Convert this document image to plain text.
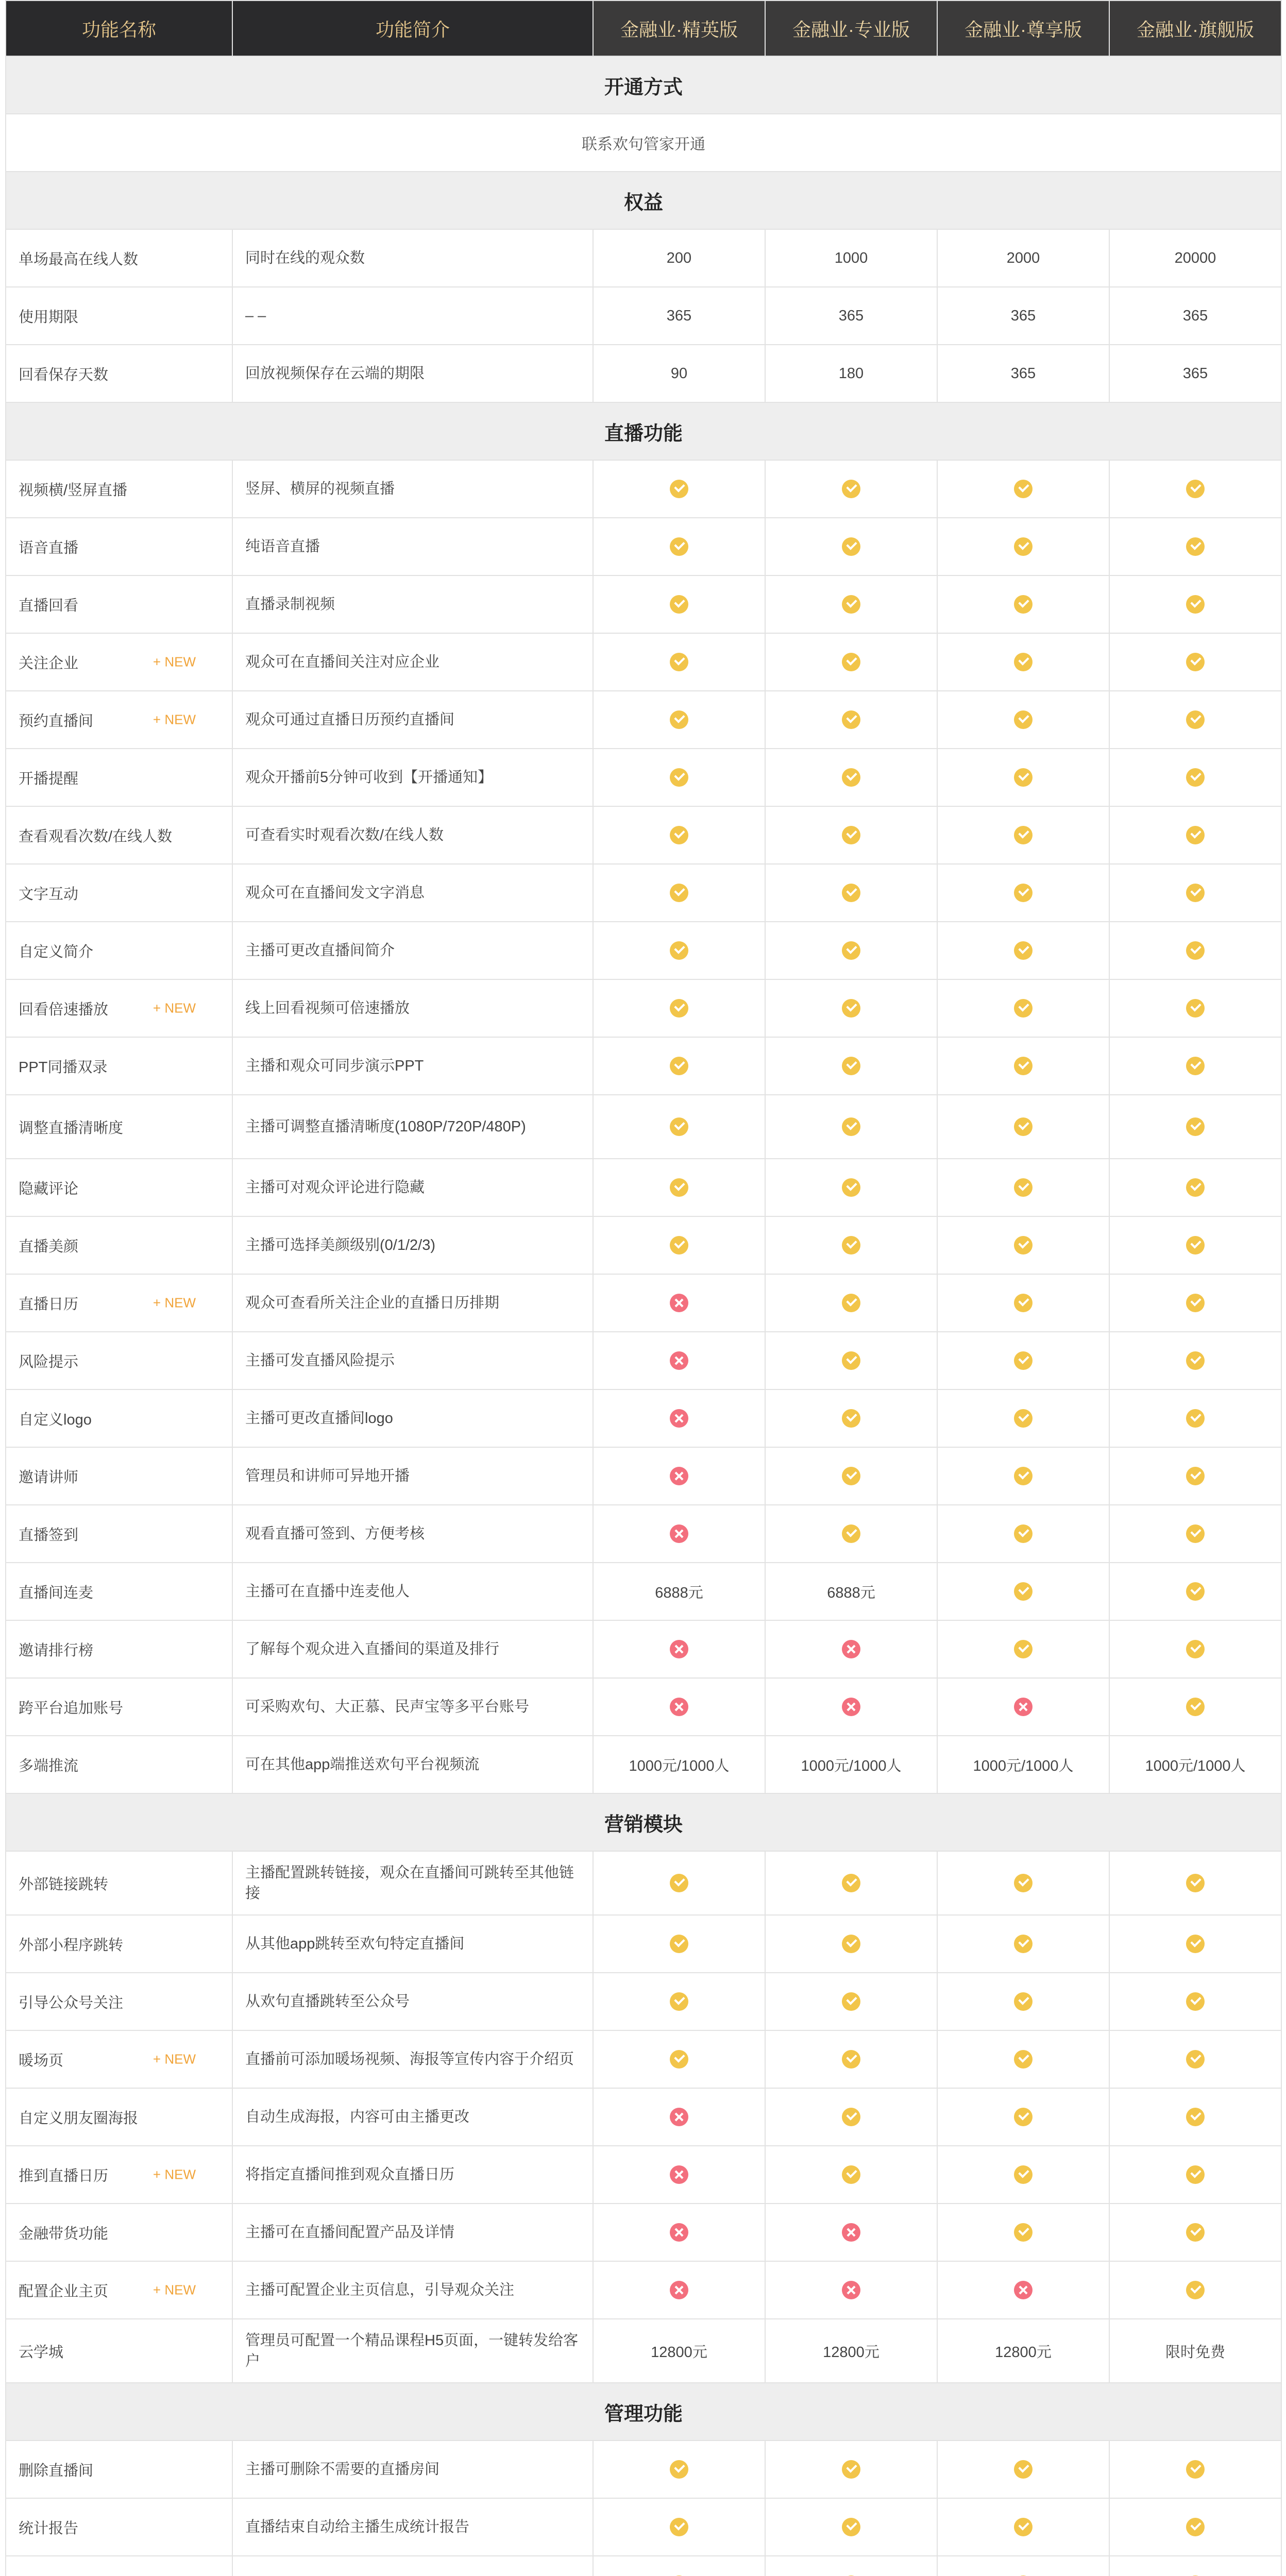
功能名称	功能简介	金融业·精英版	金融业·专业版	金融业·尊享版	金融业·旗舰版
开通方式					
联系欢句管家开通					
权益					
单场最高在线人数	同时在线的观众数	200	1000	2000	20000
使用期限	– –	365	365	365	365
回看保存天数	回放视频保存在云端的期限	90	180	365	365
直播功能					
视频横/竖屏直播	竖屏、横屏的视频直播				
语音直播	纯语音直播				
直播回看	直播录制视频				
关注企业 + NEW	观众可在直播间关注对应企业				
预约直播间 + NEW	观众可通过直播日历预约直播间				
开播提醒	观众开播前5分钟可收到【开播通知】				
查看观看次数/在线人数	可查看实时观看次数/在线人数				
文字互动	观众可在直播间发文字消息				
自定义简介	主播可更改直播间简介				
回看倍速播放 + NEW	线上回看视频可倍速播放				
PPT同播双录	主播和观众可同步演示PPT				
调整直播清晰度	主播可调整直播清晰度(1080P/720P/480P)				
隐藏评论	主播可对观众评论进行隐藏				
直播美颜	主播可选择美颜级别(0/1/2/3)				
直播日历 + NEW	观众可查看所关注企业的直播日历排期				
风险提示	主播可发直播风险提示				
自定义logo	主播可更改直播间logo				
邀请讲师	管理员和讲师可异地开播				
直播签到	观看直播可签到、方便考核				
直播间连麦	主播可在直播中连麦他人	6888元	6888元		
邀请排行榜	了解每个观众进入直播间的渠道及排行				
跨平台追加账号	可采购欢句、大正慕、民声宝等多平台账号				
多端推流	可在其他app端推送欢句平台视频流	1000元/1000人	1000元/1000人	1000元/1000人	1000元/1000人
营销模块					
外部链接跳转	主播配置跳转链接，观众在直播间可跳转至其他链接				
外部小程序跳转	从其他app跳转至欢句特定直播间				
引导公众号关注	从欢句直播跳转至公众号				
暖场页 + NEW	直播前可添加暖场视频、海报等宣传内容于介绍页				
自定义朋友圈海报	自动生成海报，内容可由主播更改				
推到直播日历 + NEW	将指定直播间推到观众直播日历				
金融带货功能	主播可在直播间配置产品及详情				
配置企业主页 + NEW	主播可配置企业主页信息，引导观众关注				
云学城	管理员可配置一个精品课程H5页面，一键转发给客户	12800元	12800元	12800元	限时免费
管理功能					
删除直播间	主播可删除不需要的直播房间				
统计报告	直播结束自动给主播生成统计报告				
